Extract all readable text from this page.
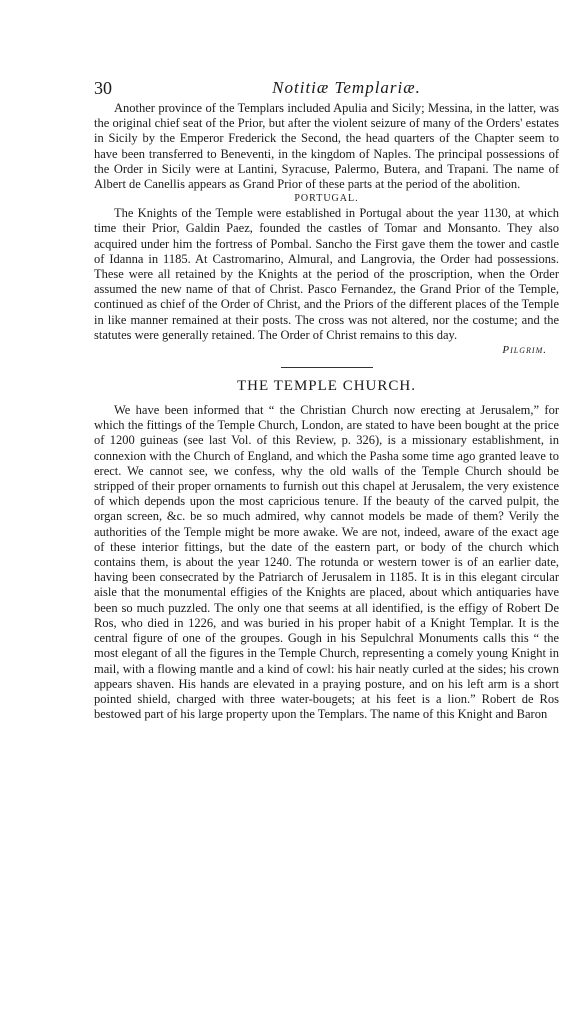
30	Notitiæ Templariæ.

Another province of the Templars included Apulia and Sicily; Messina, in the latter, was the original chief seat of the Prior, but after the violent seizure of many of the Orders' estates in Sicily by the Emperor Frederick the Second, the head quarters of the Chapter seem to have been transferred to Beneventi, in the kingdom of Naples. The principal possessions of the Order in Sicily were at Lantini, Syracuse, Palermo, Butera, and Trapani. The name of Albert de Canellis appears as Grand Prior of these parts at the period of the abolition.

PORTUGAL.

The Knights of the Temple were established in Portugal about the year 1130, at which time their Prior, Galdin Paez, founded the castles of Tomar and Monsanto. They also acquired under him the fortress of Pombal. Sancho the First gave them the tower and castle of Idanna in 1185. At Castromarino, Almural, and Langrovia, the Order had possessions. These were all retained by the Knights at the period of the proscription, when the Order assumed the new name of that of Christ. Pasco Fernandez, the Grand Prior of the Temple, continued as chief of the Order of Christ, and the Priors of the different places of the Temple in like manner remained at their posts. The cross was not altered, nor the costume; and the statutes were generally retained. The Order of Christ remains to this day.

Pilgrim.
THE TEMPLE CHURCH.

We have been informed that “ the Christian Church now erecting at Jerusalem,” for which the fittings of the Temple Church, London, are stated to have been bought at the price of 1200 guineas (see last Vol. of this Review, p. 326), is a missionary establishment, in connexion with the Church of England, and which the Pasha some time ago granted leave to erect. We cannot see, we confess, why the old walls of the Temple Church should be stripped of their proper ornaments to furnish out this chapel at Jerusalem, the very existence of which depends upon the most capricious tenure. If the beauty of the carved pulpit, the organ screen, &c. be so much admired, why cannot models be made of them? Verily the authorities of the Temple might be more awake. We are not, indeed, aware of the exact age of these interior fittings, but the date of the eastern part, or body of the church which contains them, is about the year 1240. The rotunda or western tower is of an earlier date, having been consecrated by the Patriarch of Jerusalem in 1185. It is in this elegant circular aisle that the monumental effigies of the Knights are placed, about which antiquaries have been so much puzzled. The only one that seems at all identified, is the effigy of Robert De Ros, who died in 1226, and was buried in his proper habit of a Knight Templar. It is the central figure of one of the groupes. Gough in his Sepulchral Monuments calls this “ the most elegant of all the figures in the Temple Church, representing a comely young Knight in mail, with a flowing mantle and a kind of cowl: his hair neatly curled at the sides; his crown appears shaven. His hands are elevated in a praying posture, and on his left arm is a short pointed shield, charged with three water-bougets; at his feet is a lion.” Robert de Ros bestowed part of his large property upon the Templars. The name of this Knight and Baron
